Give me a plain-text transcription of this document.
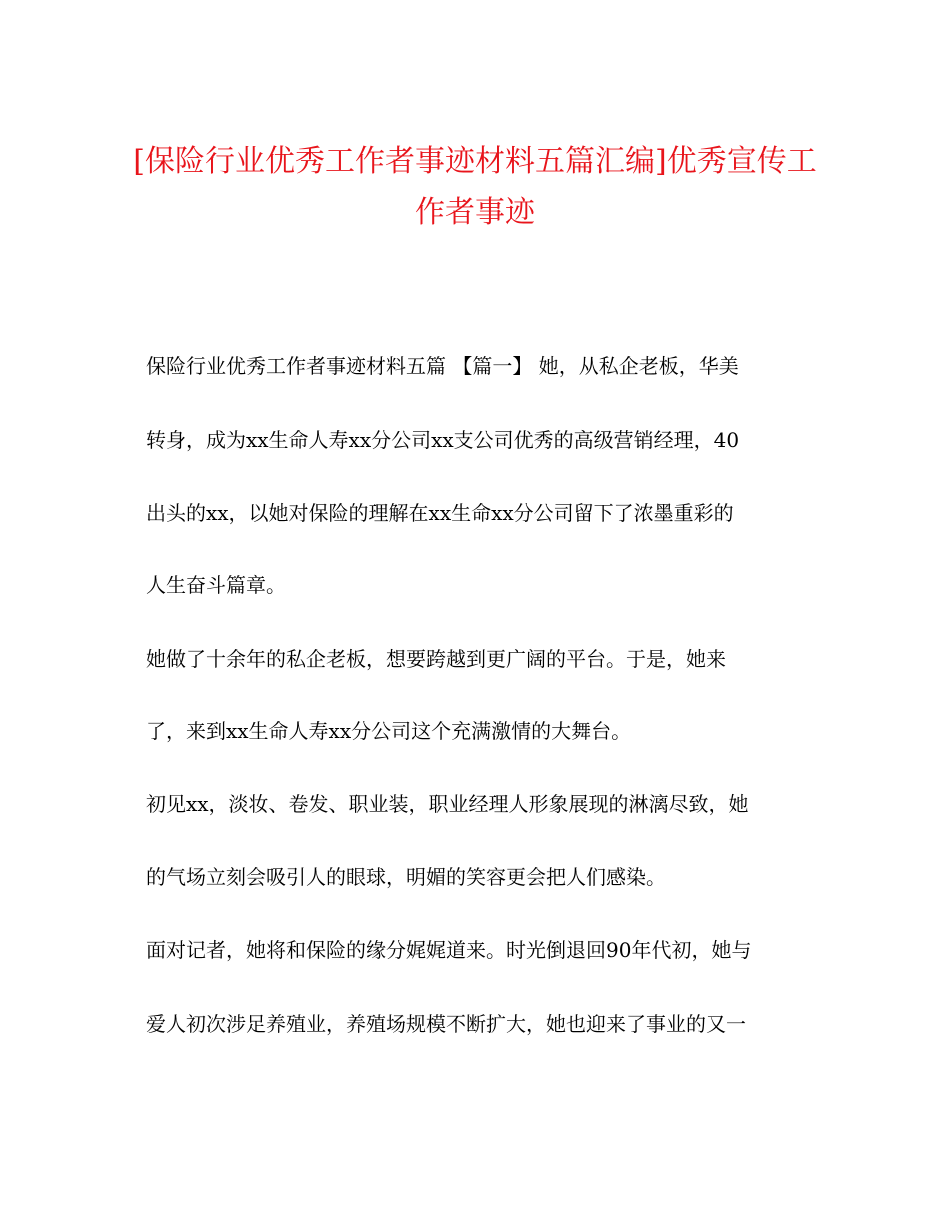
[保险行业优秀工作者事迹材料五篇汇编]优秀宣传工
作者事迹

保险行业优秀工作者事迹材料五篇 【篇一】 她，从私企老板，华美

转身，成为xx生命人寿xx分公司xx支公司优秀的高级营销经理，40

出头的xx，以她对保险的理解在xx生命xx分公司留下了浓墨重彩的

人生奋斗篇章。

她做了十余年的私企老板，想要跨越到更广阔的平台。于是，她来

了，来到xx生命人寿xx分公司这个充满激情的大舞台。

初见xx，淡妆、卷发、职业装，职业经理人形象展现的淋漓尽致，她

的气场立刻会吸引人的眼球，明媚的笑容更会把人们感染。

面对记者，她将和保险的缘分娓娓道来。时光倒退回90年代初，她与

爱人初次涉足养殖业，养殖场规模不断扩大，她也迎来了事业的又一
